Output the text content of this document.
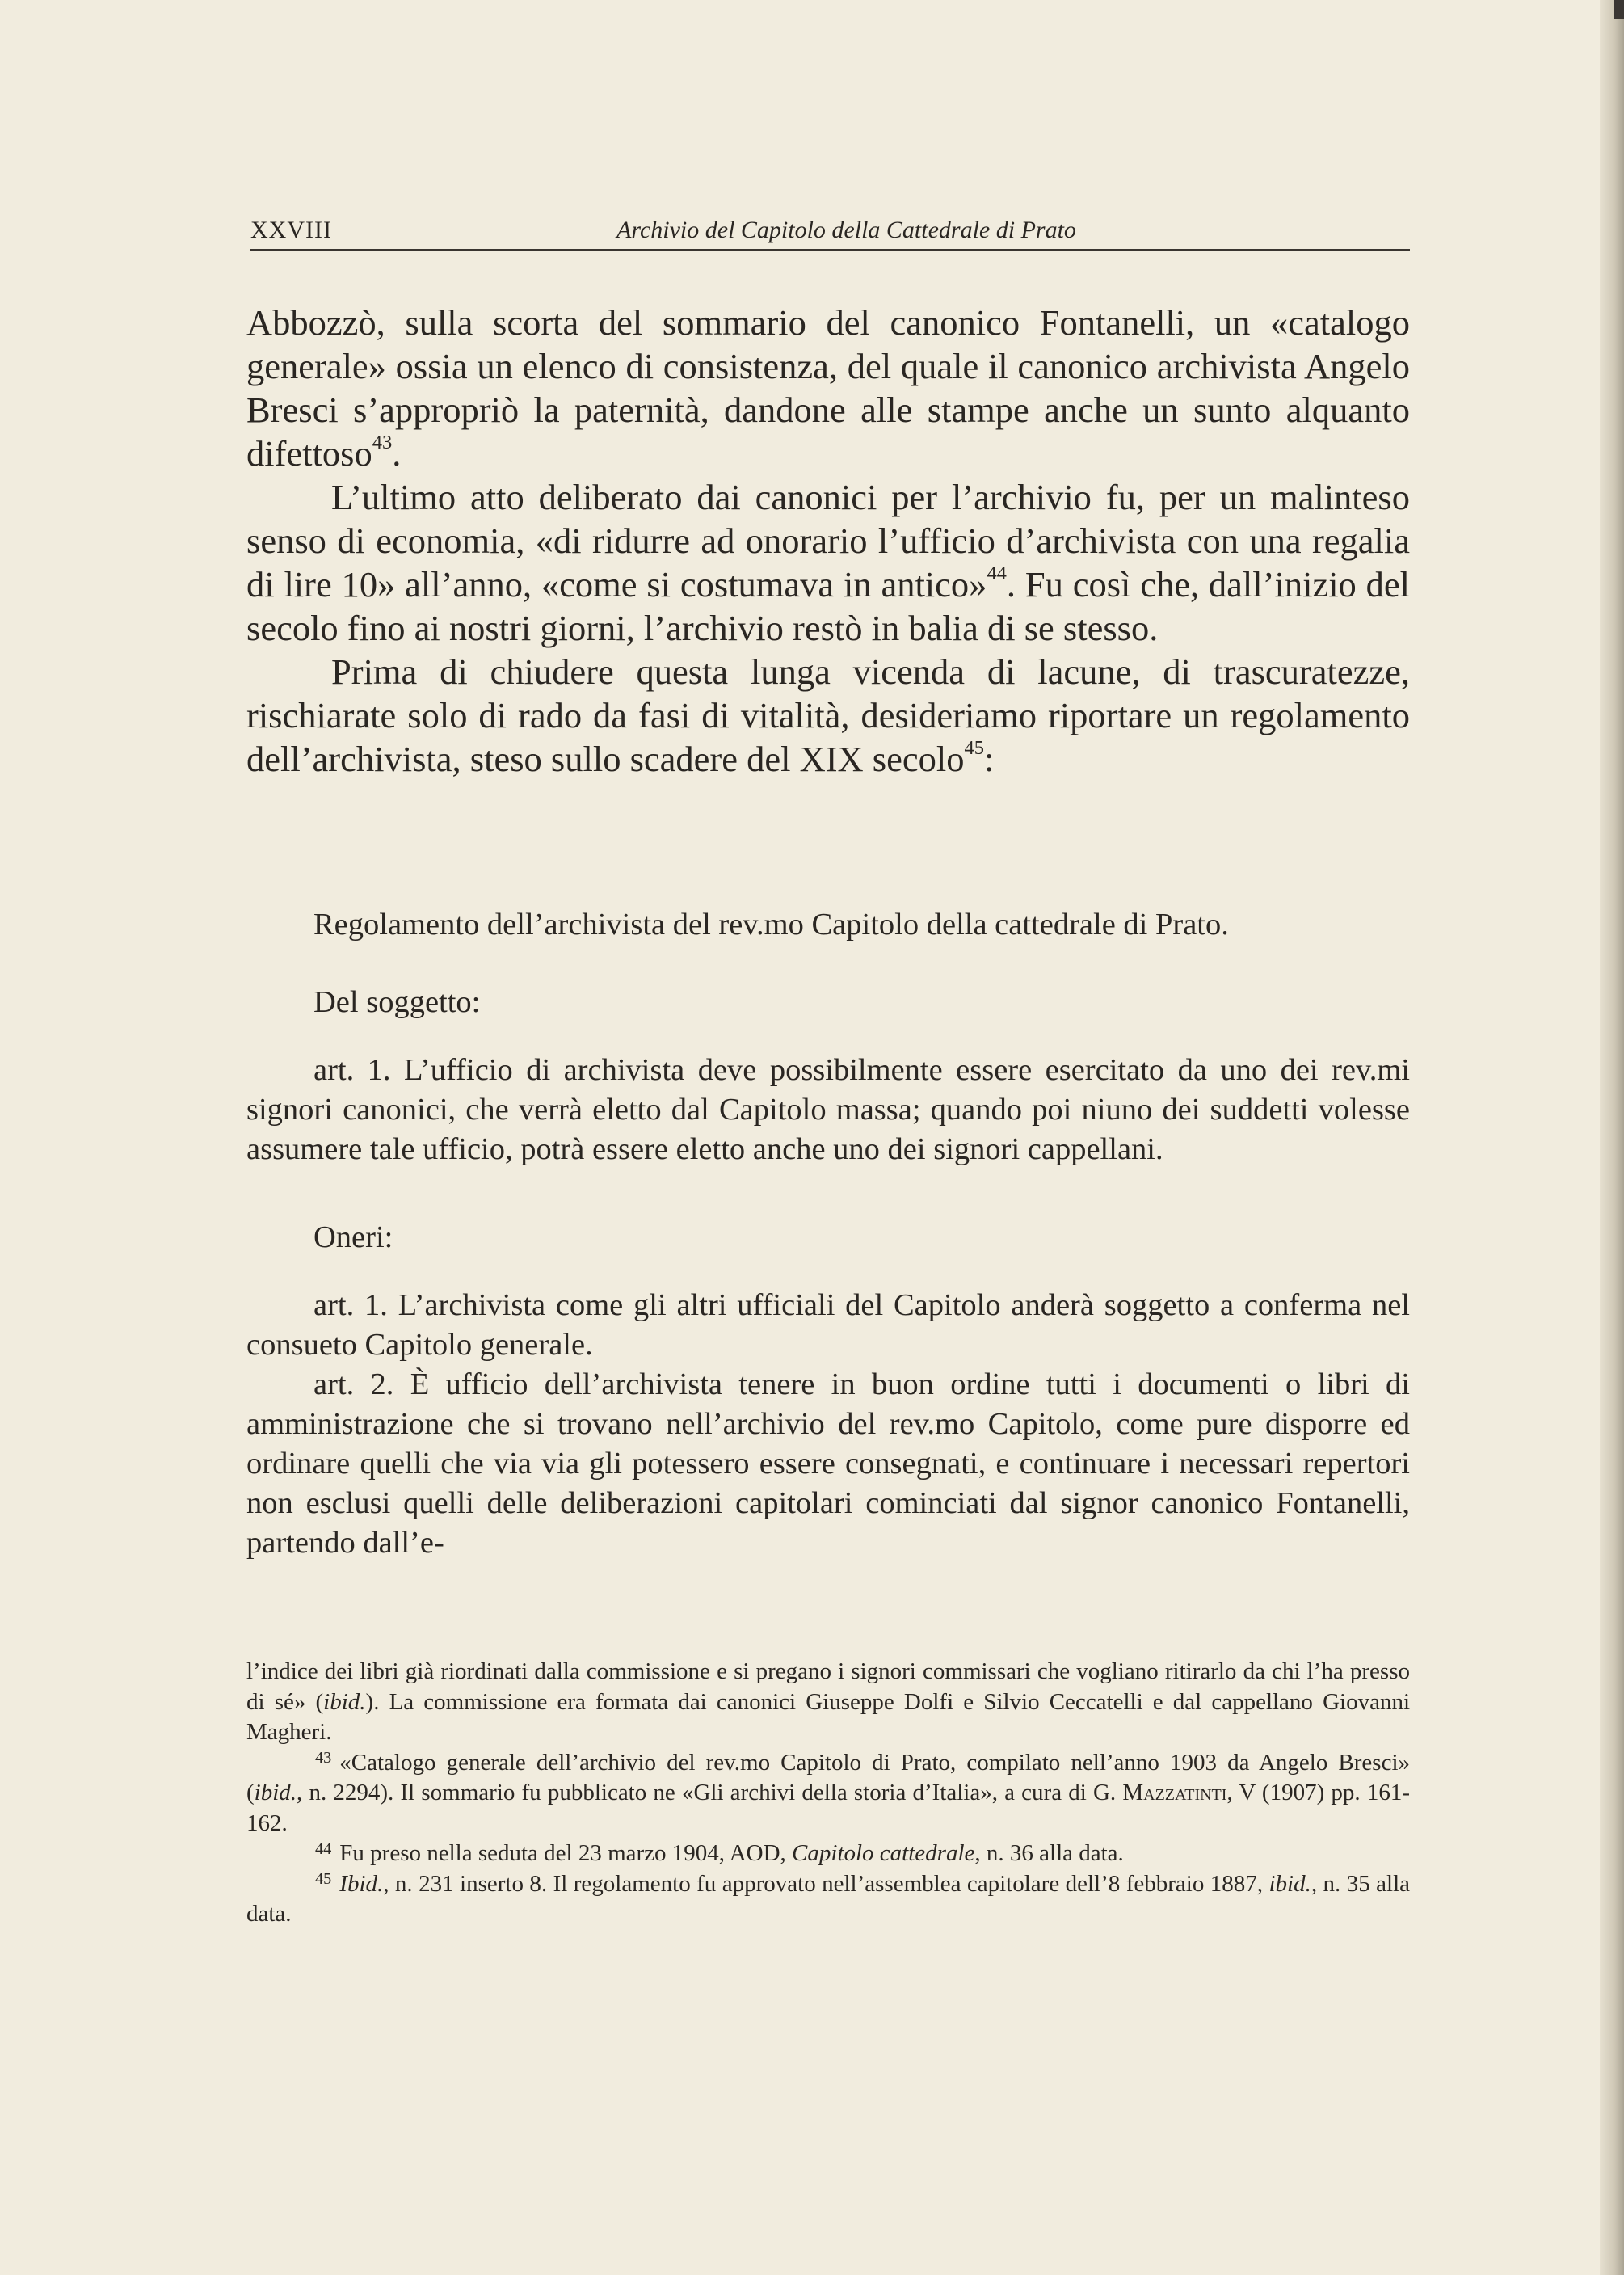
XXVIII	Archivio del Capitolo della Cattedrale di Prato

Abbozzò, sulla scorta del sommario del canonico Fontanelli, un «catalogo generale» ossia un elenco di consistenza, del quale il canonico archivista Angelo Bresci s’appropriò la paternità, dandone alle stampe anche un sunto alquanto difettoso$^{43}$.

L’ultimo atto deliberato dai canonici per l’archivio fu, per un malinteso senso di economia, «di ridurre ad onorario l’ufficio d’archivista con una regalia di lire 10» all’anno, «come si costumava in antico»$^{44}$. Fu così che, dall’inizio del secolo fino ai nostri giorni, l’archivio restò in balia di se stesso.

Prima di chiudere questa lunga vicenda di lacune, di trascuratezze, rischiarate solo di rado da fasi di vitalità, desideriamo riportare un regolamento dell’archivista, steso sullo scadere del XIX secolo$^{45}$:

Regolamento dell’archivista del rev.mo Capitolo della cattedrale di Prato.

Del soggetto:

art. 1. L’ufficio di archivista deve possibilmente essere esercitato da uno dei rev.mi signori canonici, che verrà eletto dal Capitolo massa; quando poi niuno dei suddetti volesse assumere tale ufficio, potrà essere eletto anche uno dei signori cappellani.

Oneri:

art. 1. L’archivista come gli altri ufficiali del Capitolo anderà soggetto a conferma nel consueto Capitolo generale.

art. 2. È ufficio dell’archivista tenere in buon ordine tutti i documenti o libri di amministrazione che si trovano nell’archivio del rev.mo Capitolo, come pure disporre ed ordinare quelli che via via gli potessero essere consegnati, e continuare i necessari repertori non esclusi quelli delle deliberazioni capitolari cominciati dal signor canonico Fontanelli, partendo dall’e-

l’indice dei libri già riordinati dalla commissione e si pregano i signori commissari che vogliano ritirarlo da chi l’ha presso di sé» (ibid.). La commissione era formata dai canonici Giuseppe Dolfi e Silvio Ceccatelli e dal cappellano Giovanni Magheri.

$^{43}$ «Catalogo generale dell’archivio del rev.mo Capitolo di Prato, compilato nell’anno 1903 da Angelo Bresci» (ibid., n. 2294). Il sommario fu pubblicato ne «Gli archivi della storia d’Italia», a cura di G. Mazzatinti, V (1907) pp. 161-162.

$^{44}$ Fu preso nella seduta del 23 marzo 1904, AOD, Capitolo cattedrale, n. 36 alla data.

$^{45}$ Ibid., n. 231 inserto 8. Il regolamento fu approvato nell’assemblea capitolare dell’8 febbraio 1887, ibid., n. 35 alla data.
